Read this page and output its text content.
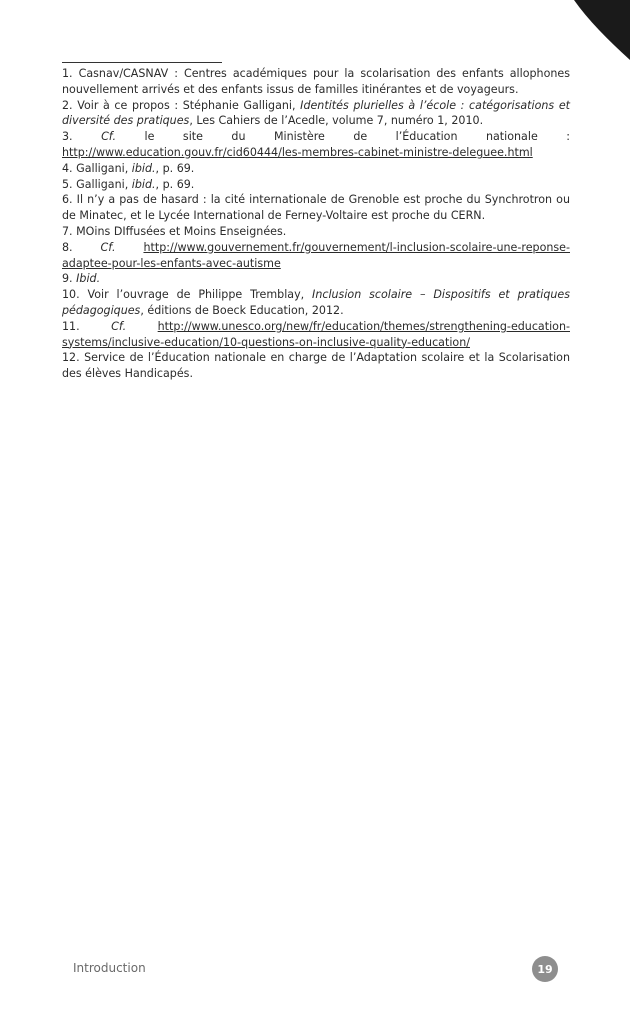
1. Casnav/CASNAV : Centres académiques pour la scolarisation des enfants allophones nouvellement arrivés et des enfants issus de familles itinérantes et de voyageurs.

2. Voir à ce propos : Stéphanie Galligani, Identités plurielles à l’école : catégorisations et diversité des pratiques, Les Cahiers de l’Acedle, volume 7, numéro 1, 2010.

3. Cf. le site du Ministère de l’Éducation nationale : http://www.education.gouv.fr/cid60444/les-membres-cabinet-ministre-deleguee.html

4. Galligani, ibid., p. 69.

5. Galligani, ibid., p. 69.

6. Il n’y a pas de hasard : la cité internationale de Grenoble est proche du Synchrotron ou de Minatec, et le Lycée International de Ferney-Voltaire est proche du CERN.

7. MOins DIffusées et Moins Enseignées.

8. Cf.	http://www.gouvernement.fr/gouvernement/l-inclusion-scolaire-une-reponse-adaptee-pour-les-enfants-avec-autisme

9. Ibid.

10. Voir l’ouvrage de Philippe Tremblay, Inclusion scolaire – Dispositifs et pratiques pédagogiques, éditions de Boeck Education, 2012.

11. Cf.	http://www.unesco.org/new/fr/education/themes/strengthening-education-systems/inclusive-education/10-questions-on-inclusive-quality-education/

12. Service de l’Éducation nationale en charge de l’Adaptation scolaire et la Scolarisation des élèves Handicapés.

Introduction	19
